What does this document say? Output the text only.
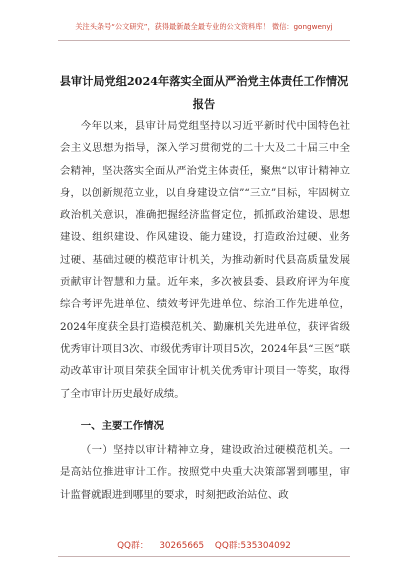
关注头条号“公文研究”，获得最新最全最专业的公文资料库！ 微信：gongwenyj
县审计局党组2024年落实全面从严治党主体责任工作情况
报告

今年以来，县审计局党组坚持以习近平新时代中国特色社会主义思想为指导，深入学习贯彻党的二十大及二十届三中全会精神，坚决落实全面从严治党主体责任，聚焦“以审计精神立身，以创新规范立业，以自身建设立信”“三立”目标，牢固树立政治机关意识，准确把握经济监督定位，抓抓政治建设、思想建设、组织建设、作风建设、能力建设，打造政治过硬、业务过硬、基础过硬的模范审计机关，为推动新时代县高质量发展贡献审计智慧和力量。近年来，多次被县委、县政府评为年度综合考评先进单位、绩效考评先进单位、综治工作先进单位，2024年度获全县打造模范机关、勤廉机关先进单位，获评省级优秀审计项目3次、市级优秀审计项目5次，2024年县“三医”联动改革审计项目荣获全国审计机关优秀审计项目一等奖，取得了全市审计历史最好成绩。

一、主要工作情况

（一）坚持以审计精神立身，建设政治过硬模范机关。一是高站位推进审计工作。按照党中央重大决策部署到哪里，审计监督就跟进到哪里的要求，时刻把政治站位、政

QQ群： 30265665 QQ群:535304092
